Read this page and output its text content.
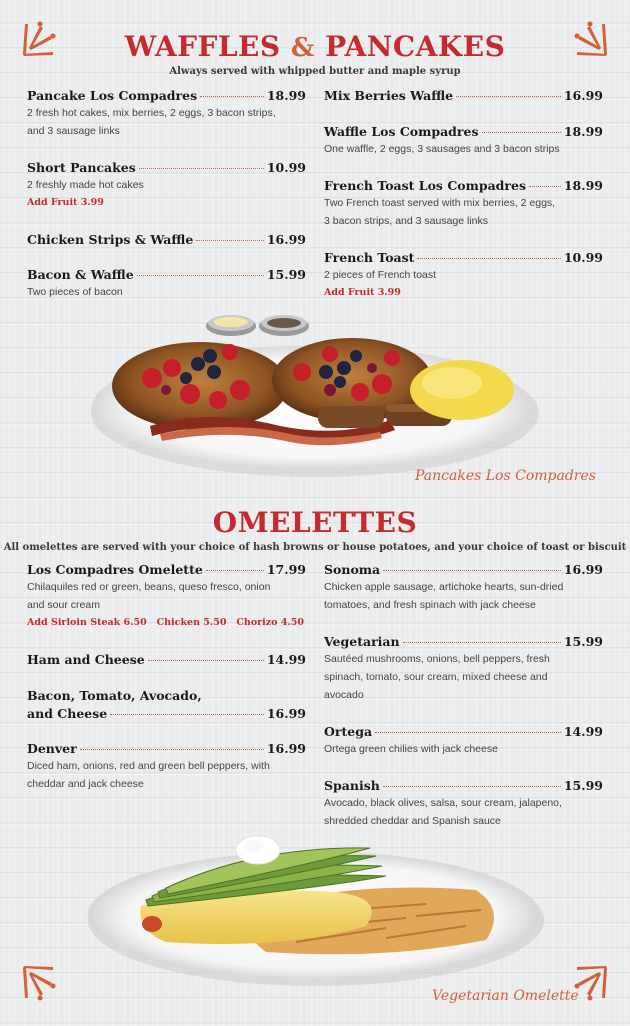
WAFFLES & PANCAKES
Always served with whipped butter and maple syrup
Pancake Los Compadres	18.99
2 fresh hot cakes, mix berries, 2 eggs, 3 bacon strips,
and 3 sausage links
Short Pancakes	10.99
2 freshly made hot cakes
Add Fruit 3.99
Chicken Strips & Waffle	16.99
Bacon & Waffle	15.99
Two pieces of bacon
Mix Berries Waffle	16.99
Waffle Los Compadres	18.99
One waffle, 2 eggs, 3 sausages and 3 bacon strips
French Toast Los Compadres	18.99
Two French toast served with mix berries, 2 eggs,
3 bacon strips, and 3 sausage links
French Toast	10.99
2 pieces of French toast
Add Fruit 3.99
Pancakes Los Compadres
OMELETTES
All omelettes are served with your choice of hash browns or house potatoes, and your choice of toast or biscuit
Los Compadres Omelette	17.99
Chilaquiles red or green, beans, queso fresco, onion
and sour cream
Add Sirloin Steak 6.50   Chicken 5.50   Chorizo 4.50
Ham and Cheese	14.99
Bacon, Tomato, Avocado,
and Cheese	16.99
Denver	16.99
Diced ham, onions, red and green bell peppers, with
cheddar and jack cheese
Sonoma	16.99
Chicken apple sausage, artichoke hearts, sun-dried
tomatoes, and fresh spinach with jack cheese
Vegetarian	15.99
Sautéed mushrooms, onions, bell peppers, fresh
spinach, tomato, sour cream, mixed cheese and
avocado
Ortega	14.99
Ortega green chilies with jack cheese
Spanish	15.99
Avocado, black olives, salsa, sour cream, jalapeno,
shredded cheddar and Spanish sauce
Vegetarian Omelette
